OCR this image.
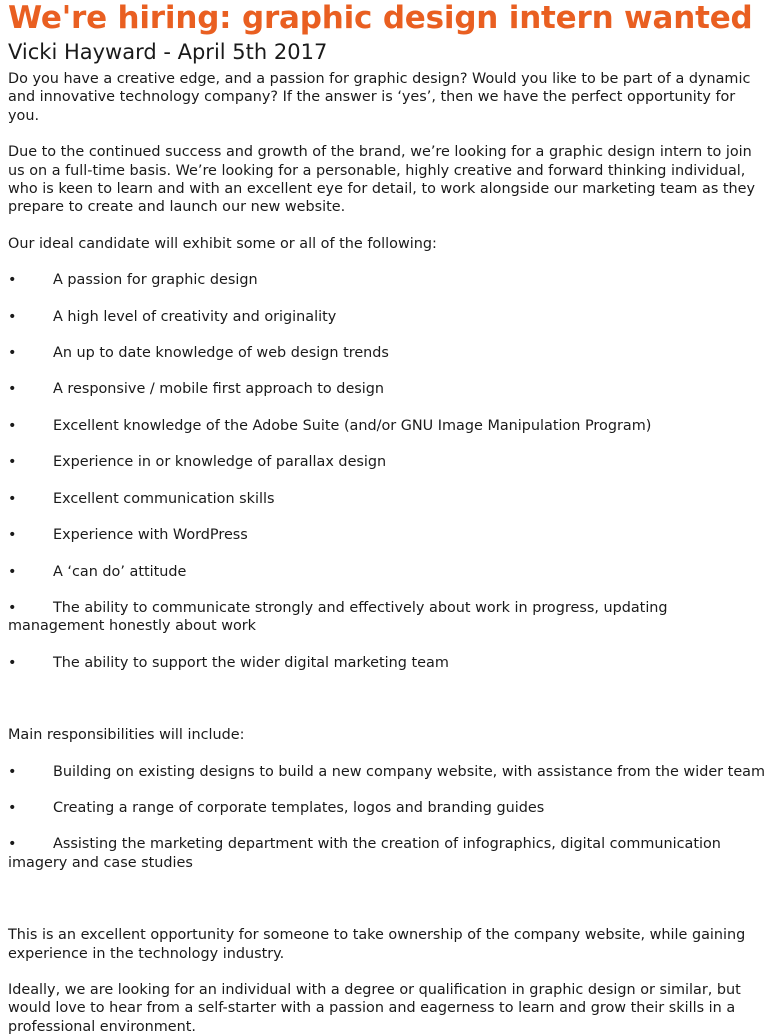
We're hiring: graphic design intern wanted
Vicki Hayward - April 5th 2017

Do you have a creative edge, and a passion for graphic design? Would you like to be part of a dynamic and innovative technology company? If the answer is ‘yes’, then we have the perfect opportunity for you.

Due to the continued success and growth of the brand, we’re looking for a graphic design intern to join us on a full-time basis. We’re looking for a personable, highly creative and forward thinking individual, who is keen to learn and with an excellent eye for detail, to work alongside our marketing team as they prepare to create and launch our new website.

Our ideal candidate will exhibit some or all of the following:

•	A passion for graphic design
•	A high level of creativity and originality
•	An up to date knowledge of web design trends
•	A responsive / mobile first approach to design
•	Excellent knowledge of the Adobe Suite (and/or GNU Image Manipulation Program)
•	Experience in or knowledge of parallax design
•	Excellent communication skills
•	Experience with WordPress
•	A ‘can do’ attitude
•	The ability to communicate strongly and effectively about work in progress, updating management honestly about work
•	The ability to support the wider digital marketing team

Main responsibilities will include:

•	Building on existing designs to build a new company website, with assistance from the wider team
•	Creating a range of corporate templates, logos and branding guides
•	Assisting the marketing department with the creation of infographics, digital communication imagery and case studies

This is an excellent opportunity for someone to take ownership of the company website, while gaining experience in the technology industry.

Ideally, we are looking for an individual with a degree or qualification in graphic design or similar, but would love to hear from a self-starter with a passion and eagerness to learn and grow their skills in a professional environment.
